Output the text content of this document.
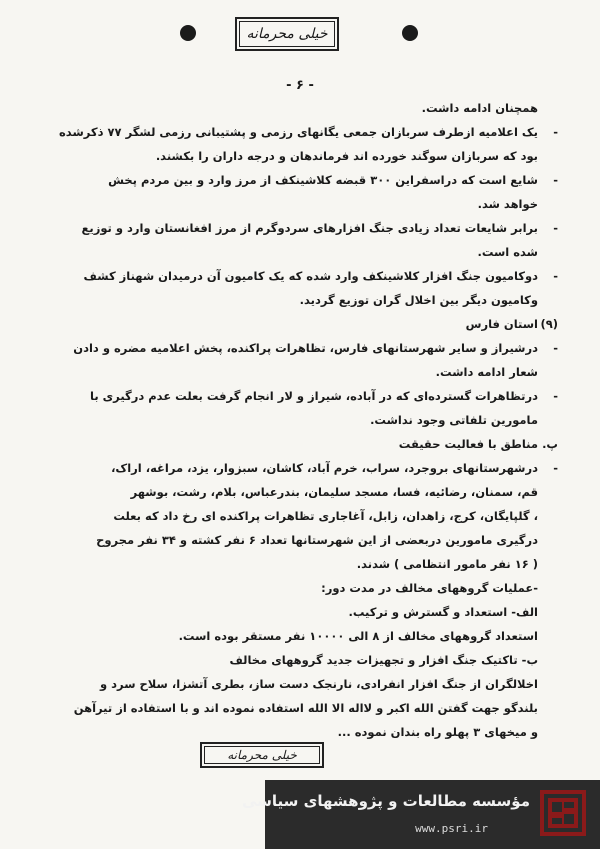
خیلی محرمانه
- ۶ -
همچنان ادامه داشت.
-
یک اعلامیه ازطرف سربازان جمعی یگانهای رزمی و پشتیبانی رزمی لشگر ۷۷ ذکرشده
بود که سربازان سوگند خورده اند فرماندهان و درجه داران را بکشند.
-
شایع است که دراسفراین ۳۰۰ قبضه کلاشینکف از مرز وارد و بین مردم پخش
خواهد شد.
-
برابر شایعات تعداد زیادی جنگ افزارهای سردوگرم از مرز افغانستان وارد و توزیع
شده است.
-
دوکامیون جنگ افزار کلاشینکف وارد شده که یک کامیون آن درمیدان شهناز کشف
وکامیون دیگر بین اخلال گران توزیع گردید.
(۹)
استان فارس
-
درشیراز و سایر شهرستانهای فارس، تظاهرات پراکنده، پخش اعلامیه مضره و دادن
شعار ادامه داشت.
-
درتظاهرات گسترده‌ای که در آباده، شیراز و لار انجام گرفت بعلت عدم درگیری با
مامورین تلفاتی وجود نداشت.
پ.
مناطق با فعالیت حقیقت
-
درشهرستانهای بروجرد، سراب، خرم آباد، کاشان، سبزوار، یزد، مراغه، اراک،
قم، سمنان، رضائیه، فسا، مسجد سلیمان، بندرعباس، بلام، رشت، بوشهر
، گلپایگان، کرج، زاهدان، زابل، آغاجاری تظاهرات پراکنده ای رخ داد که بعلت
درگیری مامورین دربعضی از این شهرستانها تعداد ۶ نفر کشته و ۳۴ نفر مجروح
( ۱۶ نفر مامور انتظامی ) شدند.
-عملیات گروههای مخالف در مدت دور:
الف- استعداد و گسترش و ترکیب.
استعداد گروههای مخالف از ۸ الی ۱۰۰۰۰ نفر مستقر بوده است.
ب- تاکتیک جنگ افزار و تجهیزات جدید گروههای مخالف
اخلالگران از جنگ افزار انفرادی، نارنجک دست ساز، بطری آتشزا، سلاح سرد و
بلندگو جهت گفتن الله اکبر و لااله الا الله استفاده نموده اند و با استفاده از تیرآهن
و میخهای ۳ پهلو راه بندان نموده ...
خیلی محرمانه
مؤسسه مطالعات و پژوهشهای سیاسی
www.psri.ir
